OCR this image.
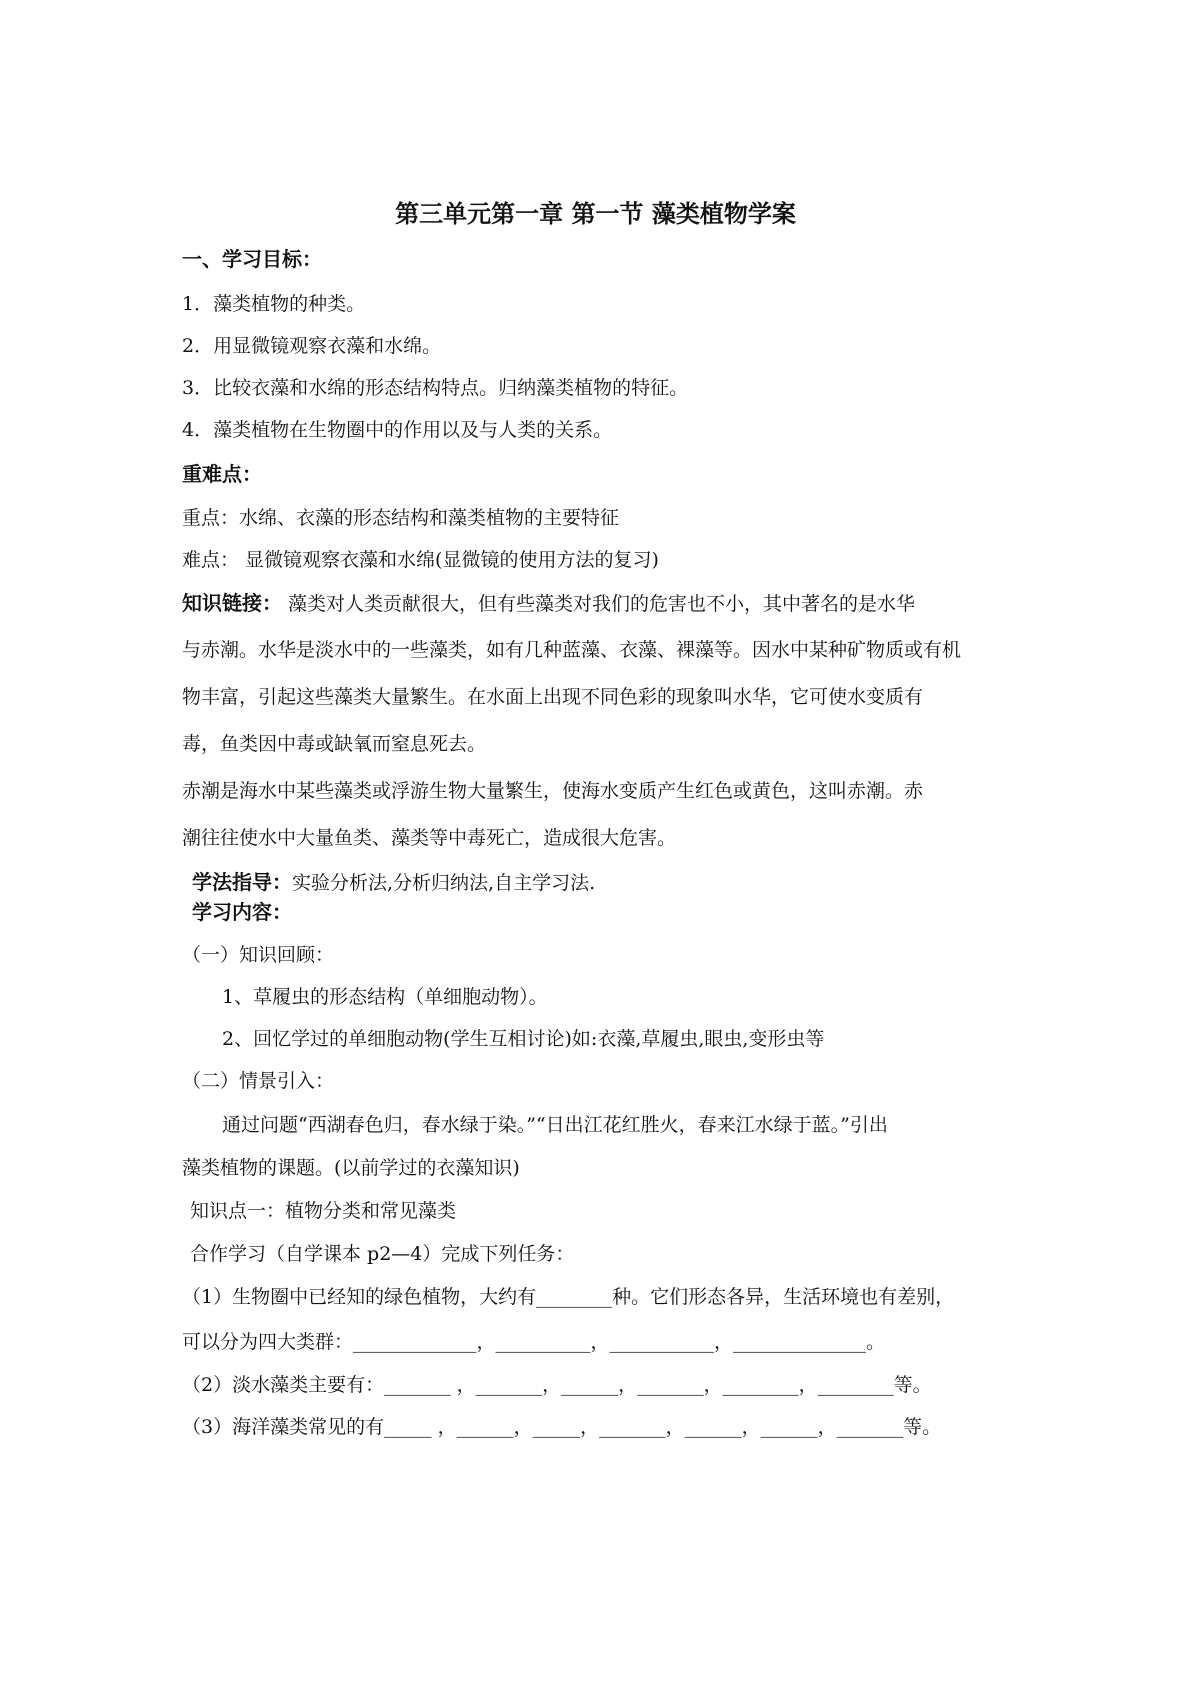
第三单元第一章 第一节 藻类植物学案
一、学习目标：
1．藻类植物的种类。
2．用显微镜观察衣藻和水绵。
3．比较衣藻和水绵的形态结构特点。归纳藻类植物的特征。
4．藻类植物在生物圈中的作用以及与人类的关系。
重难点：
重点：水绵、衣藻的形态结构和藻类植物的主要特征
难点： 显微镜观察衣藻和水绵(显微镜的使用方法的复习)
知识链接： 藻类对人类贡献很大，但有些藻类对我们的危害也不小，其中著名的是水华
与赤潮。水华是淡水中的一些藻类，如有几种蓝藻、衣藻、裸藻等。因水中某种矿物质或有机
物丰富，引起这些藻类大量繁生。在水面上出现不同色彩的现象叫水华，它可使水变质有
毒，鱼类因中毒或缺氧而窒息死去。
赤潮是海水中某些藻类或浮游生物大量繁生，使海水变质产生红色或黄色，这叫赤潮。赤
潮往往使水中大量鱼类、藻类等中毒死亡，造成很大危害。
学法指导：实验分析法,分析归纳法,自主学习法.
学习内容：
（一）知识回顾：
1、草履虫的形态结构（单细胞动物）。
2、回忆学过的单细胞动物(学生互相讨论)如:衣藻,草履虫,眼虫,变形虫等
（二）情景引入：
通过问题“西湖春色归，春水绿于染。”“日出江花红胜火，春来江水绿于蓝。”引出
藻类植物的课题。(以前学过的衣藻知识)
知识点一：植物分类和常见藻类
合作学习（自学课本 p2—4）完成下列任务：
（1）生物圈中已经知的绿色植物，大约有________种。它们形态各异，生活环境也有差别，
可以分为四大类群：_____________，__________，___________，______________。
（2）淡水藻类主要有：_______ ，_______，______，_______，________，________等。
（3）海洋藻类常见的有_____ ，______，_____，_______，______，______，_______等。
